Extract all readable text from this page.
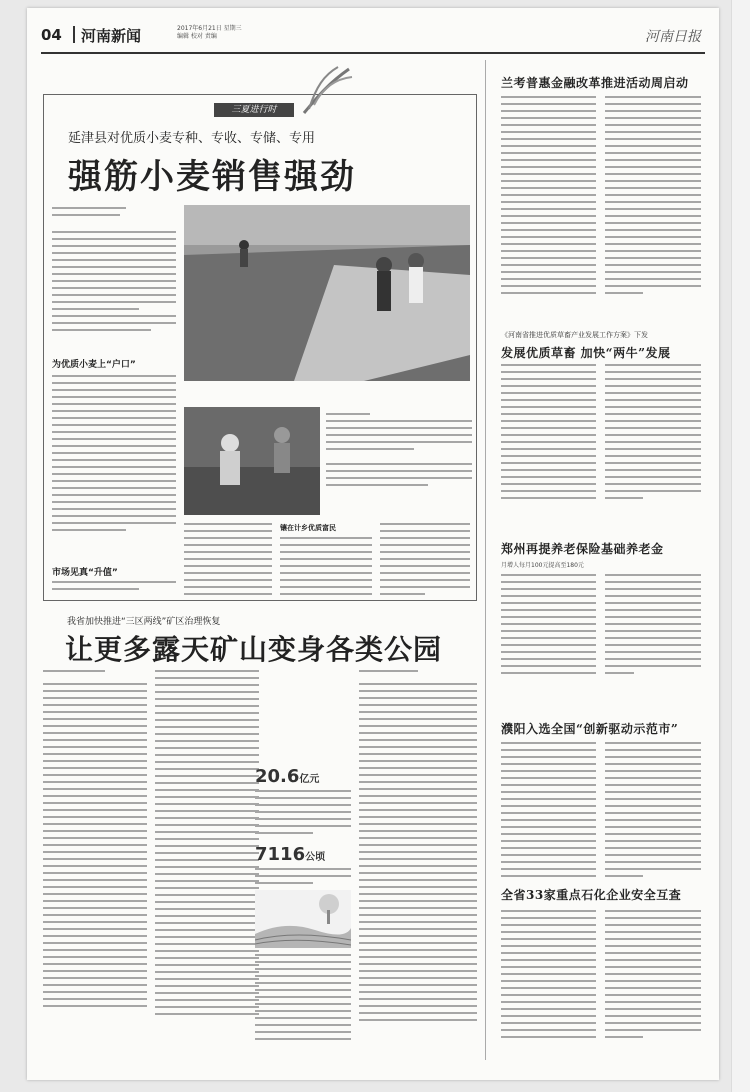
04 河南新闻	2017年6月21日 星期三
编辑 校对 责编	河南日报
三夏进行时
延津县对优质小麦专种、专收、专储、专用
强筋小麦销售强劲
为优质小麦上“户口”
市场见真“升值”
镶在计乡优质富民
我省加快推进“三区两线”矿区治理恢复
让更多露天矿山变身各类公园
20.6亿元
7116公顷
兰考普惠金融改革推进活动周启动
《河南省推进优质草畜产业发展工作方案》下发
发展优质草畜 加快“两牛”发展
郑州再提养老保险基础养老金
月增人每月100元提高至180元
濮阳入选全国“创新驱动示范市”
全省33家重点石化企业安全互查
